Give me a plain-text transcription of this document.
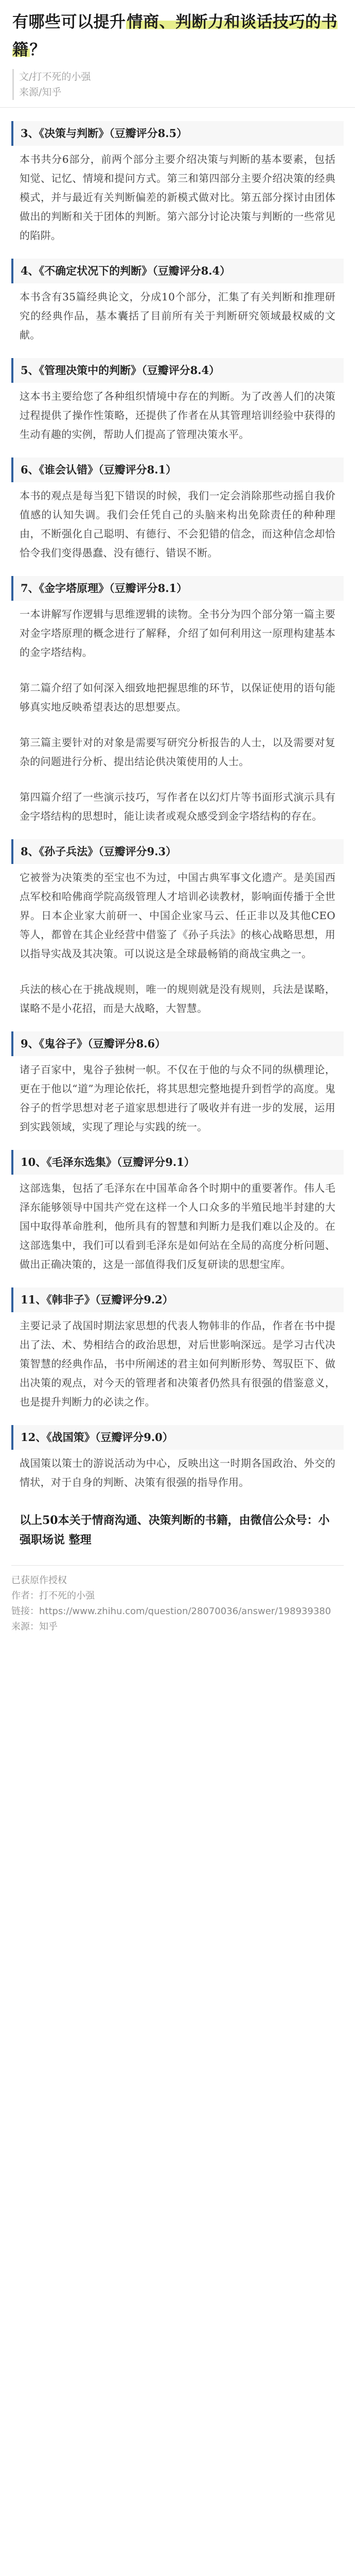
有哪些可以提升情商、判断力和谈话技巧的书籍？
文/打不死的小强
来源/知乎
3、《决策与判断》（豆瓣评分8.5）

本书共分6部分，前两个部分主要介绍决策与判断的基本要素，包括知觉、记忆、情境和提问方式。第三和第四部分主要介绍决策的经典模式，并与最近有关判断偏差的新模式做对比。第五部分探讨由团体做出的判断和关于团体的判断。第六部分讨论决策与判断的一些常见的陷阱。

4、《不确定状况下的判断》（豆瓣评分8.4）

本书含有35篇经典论文，分成10个部分，汇集了有关判断和推理研究的经典作品，基本囊括了目前所有关于判断研究领域最权威的文献。

5、《管理决策中的判断》（豆瓣评分8.4）

这本书主要给您了各种组织情境中存在的判断。为了改善人们的决策过程提供了操作性策略，还提供了作者在从其管理培训经验中获得的生动有趣的实例，帮助人们提高了管理决策水平。

6、《谁会认错》（豆瓣评分8.1）

本书的观点是每当犯下错误的时候，我们一定会消除那些动摇自我价值感的认知失调。我们会任凭自己的头脑来构出免除责任的种种理由，不断强化自己聪明、有德行、不会犯错的信念，而这种信念却恰恰令我们变得愚蠢、没有德行、错误不断。

7、《金字塔原理》（豆瓣评分8.1）

一本讲解写作逻辑与思维逻辑的读物。全书分为四个部分第一篇主要对金字塔原理的概念进行了解释，介绍了如何利用这一原理构建基本的金字塔结构。

第二篇介绍了如何深入细致地把握思维的环节，以保证使用的语句能够真实地反映希望表达的思想要点。

第三篇主要针对的对象是需要写研究分析报告的人士，以及需要对复杂的问题进行分析、提出结论供决策使用的人士。

第四篇介绍了一些演示技巧，写作者在以幻灯片等书面形式演示具有金字塔结构的思想时，能让读者或观众感受到金字塔结构的存在。

8、《孙子兵法》（豆瓣评分9.3）

它被誉为决策类的至宝也不为过，中国古典军事文化遗产。是美国西点军校和哈佛商学院高级管理人才培训必读教材，影响面传播于全世界。日本企业家大前研一、中国企业家马云、任正非以及其他CEO等人，都曾在其企业经营中借鉴了《孙子兵法》的核心战略思想，用以指导实战及其决策。可以说这是全球最畅销的商战宝典之一。

兵法的核心在于挑战规则，唯一的规则就是没有规则，兵法是谋略，谋略不是小花招，而是大战略，大智慧。

9、《鬼谷子》（豆瓣评分8.6）

诸子百家中，鬼谷子独树一帜。不仅在于他的与众不同的纵横理论，更在于他以“道”为理论依托，将其思想完整地提升到哲学的高度。鬼谷子的哲学思想对老子道家思想进行了吸收并有进一步的发展，运用到实践领域，实现了理论与实践的统一。

10、《毛泽东选集》（豆瓣评分9.1）

这部选集，包括了毛泽东在中国革命各个时期中的重要著作。伟人毛泽东能够领导中国共产党在这样一个人口众多的半殖民地半封建的大国中取得革命胜利，他所具有的智慧和判断力是我们难以企及的。在这部选集中，我们可以看到毛泽东是如何站在全局的高度分析问题、做出正确决策的，这是一部值得我们反复研读的思想宝库。

11、《韩非子》（豆瓣评分9.2）

主要记录了战国时期法家思想的代表人物韩非的作品，作者在书中提出了法、术、势相结合的政治思想，对后世影响深远。是学习古代决策智慧的经典作品，书中所阐述的君主如何判断形势、驾驭臣下、做出决策的观点，对今天的管理者和决策者仍然具有很强的借鉴意义，也是提升判断力的必读之作。

12、《战国策》（豆瓣评分9.0）

战国策以策士的游说活动为中心，反映出这一时期各国政治、外交的情状，对于自身的判断、决策有很强的指导作用。

以上50本关于情商沟通、决策判断的书籍，由微信公众号：小强职场说 整理
已获原作授权
作者：打不死的小强
链接：https://www.zhihu.com/question/28070036/answer/198939380
来源：知乎
